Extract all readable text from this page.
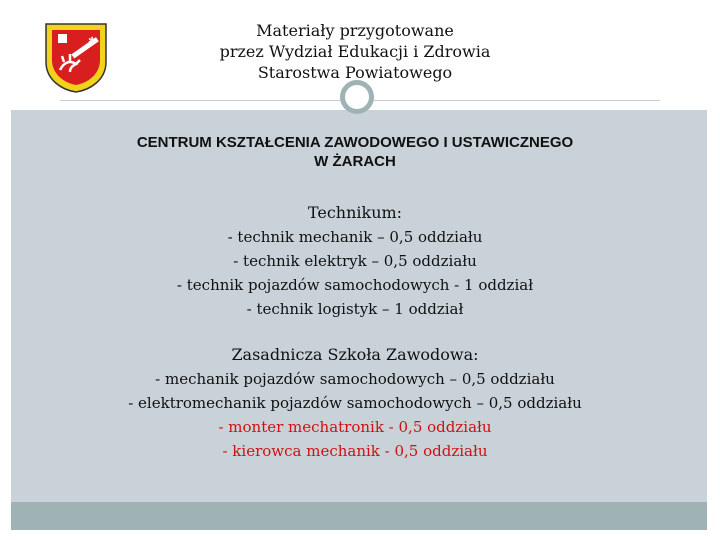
✱
Materiały przygotowane
przez Wydział Edukacji i Zdrowia
Starostwa Powiatowego
CENTRUM KSZTAŁCENIA ZAWODOWEGO I USTAWICZNEGO
W ŻARACH
Technikum:
- technik mechanik – 0,5 oddziału
- technik elektryk – 0,5 oddziału
- technik pojazdów samochodowych - 1 oddział
- technik logistyk – 1 oddział
Zasadnicza Szkoła Zawodowa:
- mechanik pojazdów samochodowych – 0,5 oddziału
- elektromechanik pojazdów samochodowych – 0,5 oddziału
- monter mechatronik - 0,5 oddziału
- kierowca mechanik - 0,5 oddziału
